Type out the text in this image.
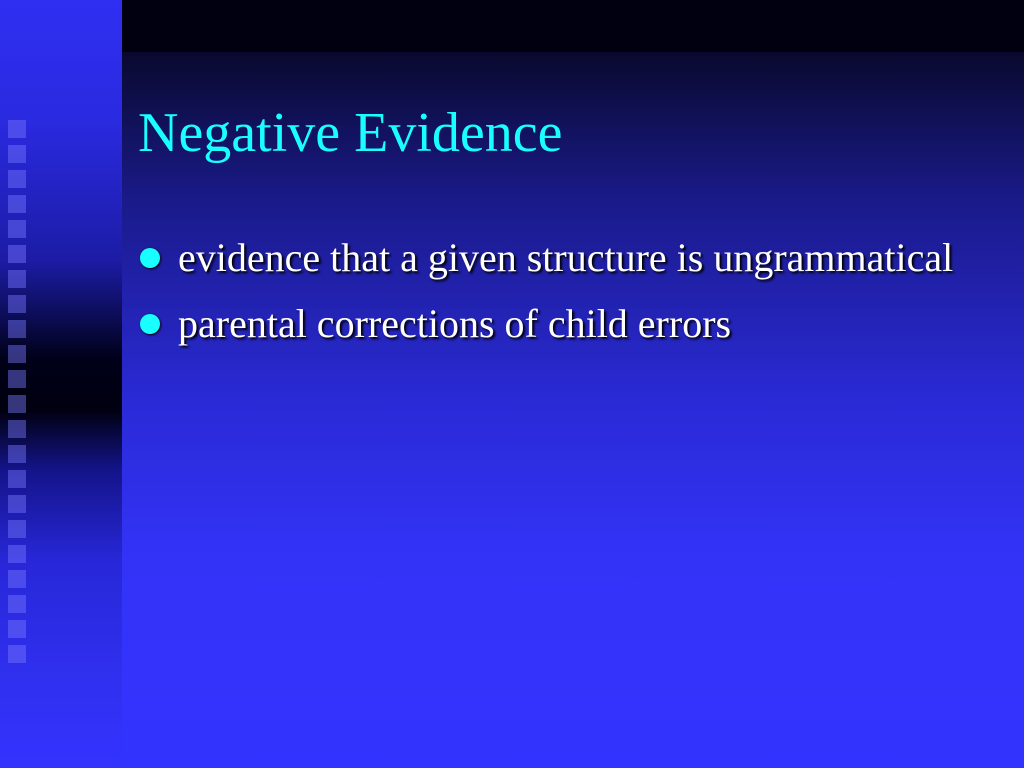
Negative Evidence
evidence that a given structure is ungrammatical
parental corrections of child errors
